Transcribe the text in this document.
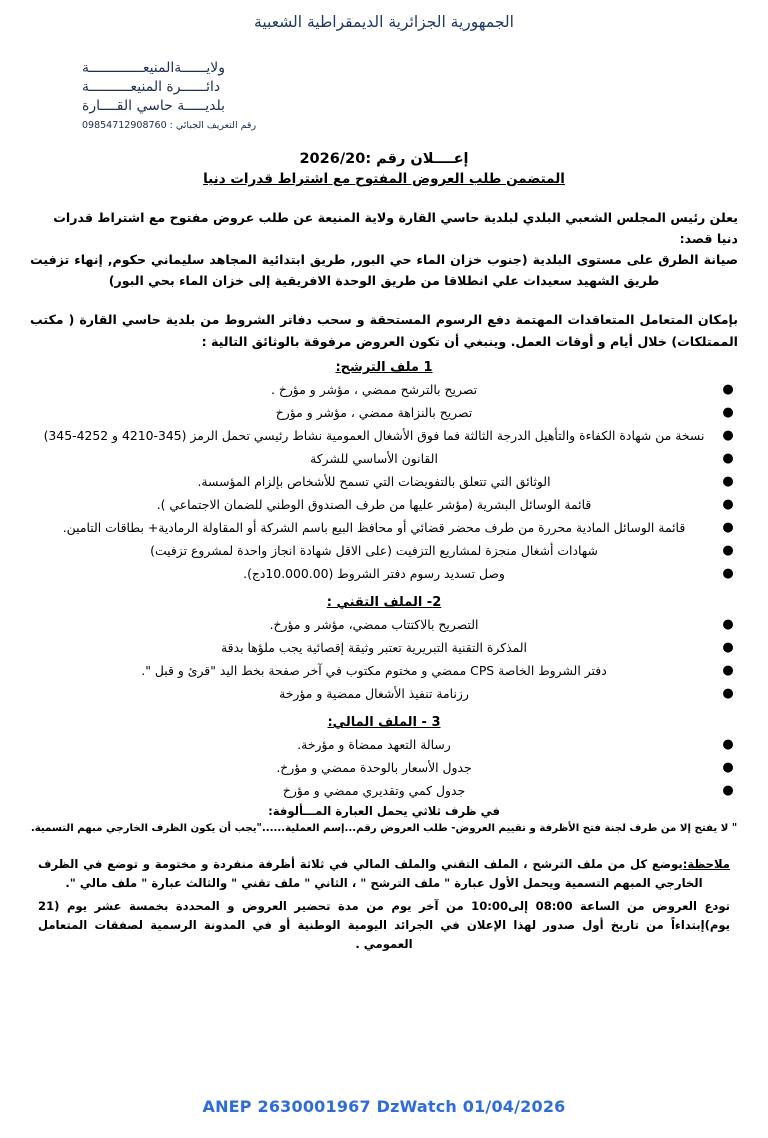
الجمهورية الجزائرية الديمقراطية الشعبية
ولايــــــةالمنيعـــــــــــــة
دائــــــرة المنيعــــــــــة
بلديـــــة حاسي القــــارة
رقم التعريف الجبائي : 09854712908760
إعــــلان رقم :2026/20
المتضمن طلب العروض المفتوح مع اشتراط قدرات دنيا

يعلن رئيس المجلس الشعبي البلدي لبلدية حاسي القارة ولاية المنيعة عن طلب عروض مفتوح مع اشتراط قدرات دنيا قصد:

صيانة الطرق على مستوى البلدية (جنوب خزان الماء حي البور, طريق ابتدائية المجاهد سليماني حكوم, إنهاء تزفيت طريق الشهيد سعيدات علي انطلاقا من طريق الوحدة الافريقية إلى خزان الماء بحي البور)

بإمكان المتعامل المتعاقدات المهتمة دفع الرسوم المستحقة و سحب دفاتر الشروط من بلدية حاسي القارة ( مكتب الممتلكات) خلال أيام و أوقات العمل. وينبغي أن تكون العروض مرفوقة بالوثائق التالية :

1 ملف الترشح:
●
تصريح بالترشح ممضي ، مؤشر و مؤرخ .
●
تصريح بالنزاهة ممضي ، مؤشر و مؤرخ
●
نسخة من شهادة الكفاءة والتأهيل الدرجة الثالثة فما فوق الأشغال العمومية نشاط رئيسي تحمل الرمز (345-4210 و 4252-345)
●
القانون الأساسي للشركة
●
الوثائق التي تتعلق بالتفويضات التي تسمح للأشخاص بإلزام المؤسسة.
●
قائمة الوسائل البشرية (مؤشر عليها من طرف الصندوق الوطني للضمان الاجتماعي ).
●
قائمة الوسائل المادية محررة من طرف محضر قضائي أو محافظ البيع باسم الشركة أو المقاولة الرمادية+ بطاقات التامين.
●
شهادات أشغال منجزة لمشاريع التزفيت (على الاقل شهادة انجاز واحدة لمشروع تزفيت)
●
وصل تسديد رسوم دفتر الشروط (10.000.00دج).
2- الملف التقني :
●
التصريح بالاكتتاب ممضي، مؤشر و مؤرخ.
●
المذكرة التقنية التبريرية تعتبر وثيقة إقصائية يجب ملؤها بدقة
●
دفتر الشروط الخاصة CPS ممضي و مختوم مكتوب في آخر صفحة بخط اليد "قرئ و قبل ".
●
رزنامة تنفيذ الأشغال ممضية و مؤرخة
3 - الملف المالي:
●
رسالة التعهد ممضاة و مؤرخة.
●
جدول الأسعار بالوحدة ممضي و مؤرخ.
●
جدول كمي وتقديري ممضي و مؤرخ
في ظرف ثلاثي يحمل العبارة المـــألوفة:
" لا يفتح إلا من طرف لجنة فتح الأظرفة و تقييم العروض- طلب العروض رقم...إسم العملية......"يجب أن يكون الظرف الخارجي مبهم التسمية.
ملاحظة:يوضع كل من ملف الترشح ، الملف التقني والملف المالي في ثلاثة أظرفة منفردة و مختومة و توضع في الظرف الخارجي المبهم التسمية ويحمل الأول عبارة " ملف الترشح " ، الثاني " ملف تقني " والثالث عبارة " ملف مالي ".
تودع العروض من الساعة 08:00 إلى10:00 من آخر يوم من مدة تحضير العروض و المحددة بخمسة عشر يوم (21 يوم)إبتداءاً من تاريخ أول صدور لهذا الإعلان في الجرائد اليومية الوطنية أو في المدونة الرسمية لصفقات المتعامل العمومي .
ANEP 2630001967 DzWatch 01/04/2026
